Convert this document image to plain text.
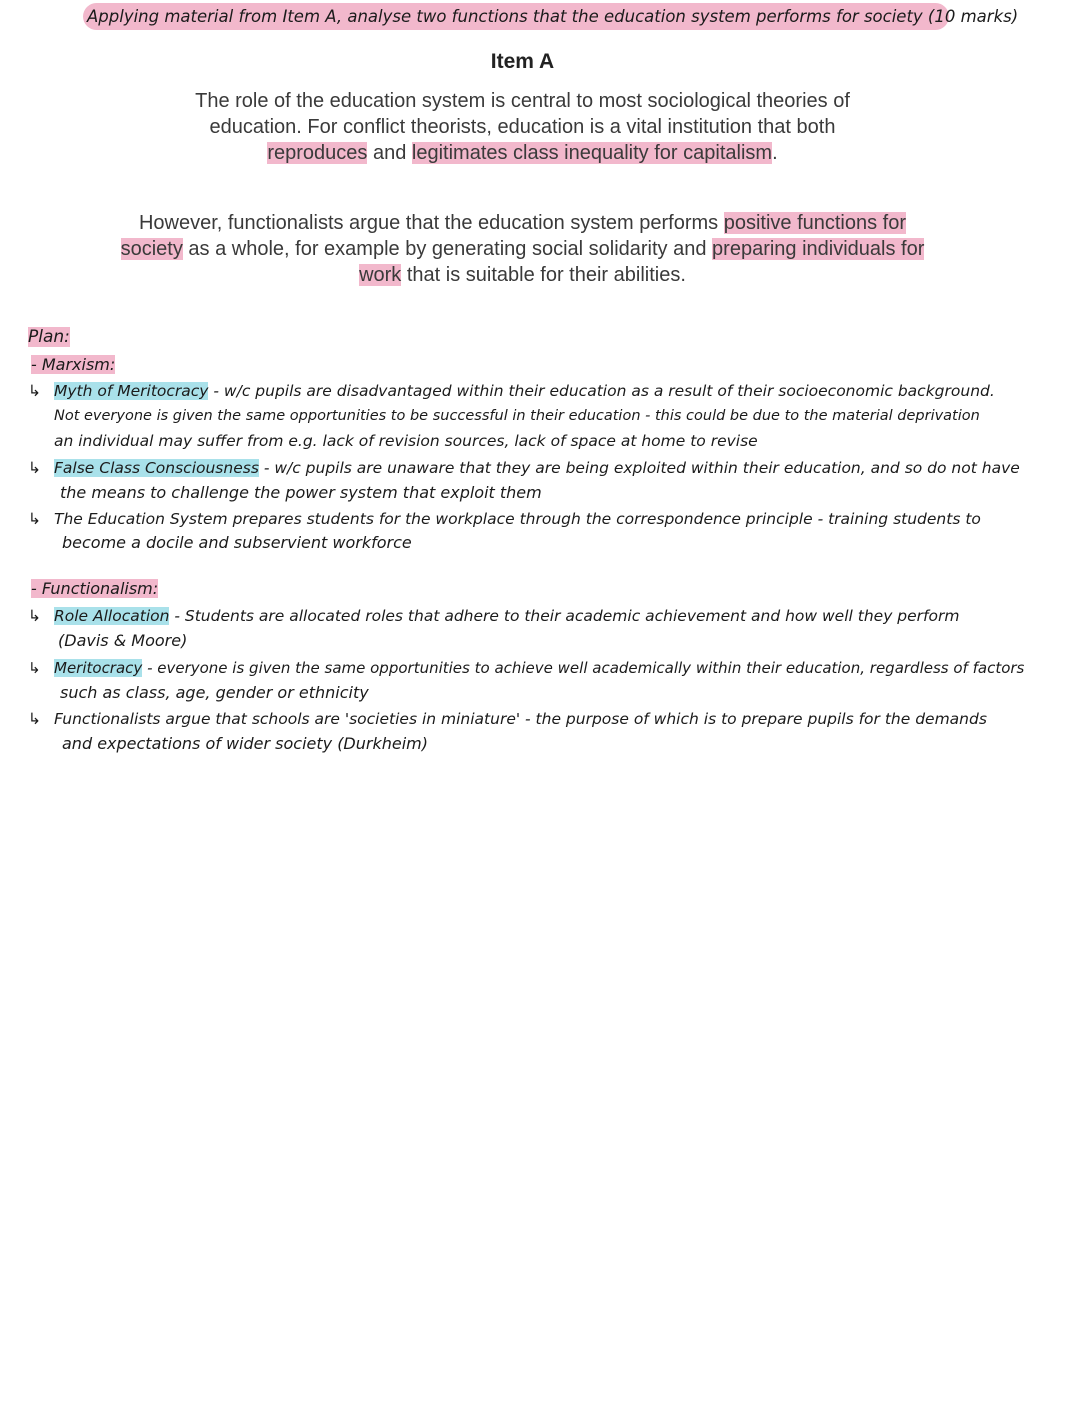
Applying material from Item A, analyse two functions that the education system performs for society (10 marks)
Item A
The role of the education system is central to most sociological theories of
education. For conflict theorists, education is a vital institution that both
reproduces and legitimates class inequality for capitalism.
However, functionalists argue that the education system performs positive functions for society as a whole, for example by generating social solidarity and preparing individuals for work that is suitable for their abilities.
Plan:
- Marxism:
↳ Myth of Meritocracy - w/c pupils are disadvantaged within their education as a result of their socioeconomic background.
Not everyone is given the same opportunities to be successful in their education - this could be due to the material deprivation
an individual may suffer from e.g. lack of revision sources, lack of space at home to revise
↳ False Class Consciousness - w/c pupils are unaware that they are being exploited within their education, and so do not have
the means to challenge the power system that exploit them
↳ The Education System prepares students for the workplace through the correspondence principle - training students to
become a docile and subservient workforce
- Functionalism:
↳ Role Allocation - Students are allocated roles that adhere to their academic achievement and how well they perform
(Davis & Moore)
↳ Meritocracy - everyone is given the same opportunities to achieve well academically within their education, regardless of factors
such as class, age, gender or ethnicity
↳ Functionalists argue that schools are 'societies in miniature' - the purpose of which is to prepare pupils for the demands
and expectations of wider society (Durkheim)
